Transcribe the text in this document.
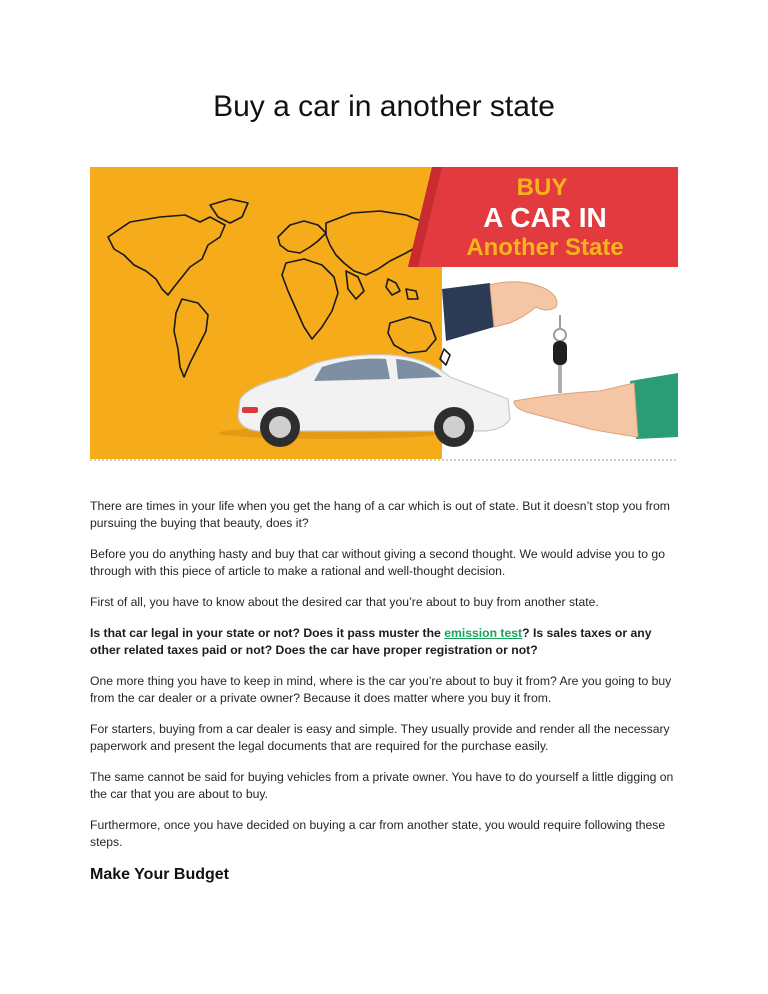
Buy a car in another state
BUY
A CAR IN
Another State

There are times in your life when you get the hang of a car which is out of state. But it doesn’t stop you from pursuing the buying that beauty, does it?

Before you do anything hasty and buy that car without giving a second thought. We would advise you to go through with this piece of article to make a rational and well-thought decision.

First of all, you have to know about the desired car that you’re about to buy from another state.

Is that car legal in your state or not? Does it pass muster the emission test? Is sales taxes or any other related taxes paid or not? Does the car have proper registration or not?

One more thing you have to keep in mind, where is the car you’re about to buy it from? Are you going to buy from the car dealer or a private owner? Because it does matter where you buy it from.

For starters, buying from a car dealer is easy and simple. They usually provide and render all the necessary paperwork and present the legal documents that are required for the purchase easily.

The same cannot be said for buying vehicles from a private owner. You have to do yourself a little digging on the car that you are about to buy.

Furthermore, once you have decided on buying a car from another state, you would require following these steps.

Make Your Budget
